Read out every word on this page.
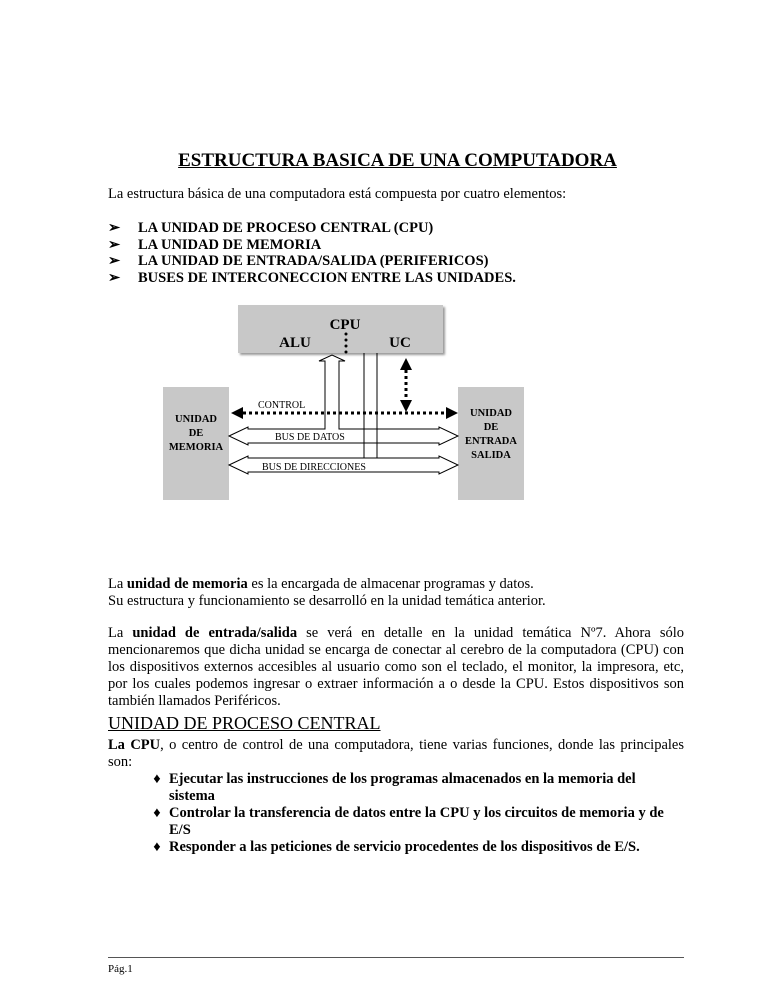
ESTRUCTURA BASICA DE UNA COMPUTADORA
La estructura básica de una computadora está compuesta por cuatro elementos:
➢	LA UNIDAD DE PROCESO CENTRAL (CPU)
➢	LA UNIDAD DE MEMORIA
➢	LA UNIDAD DE ENTRADA/SALIDA (PERIFERICOS)
➢	BUSES DE INTERCONECCION ENTRE LAS UNIDADES.
CPU
ALU	UC
UNIDAD
DE
MEMORIA
UNIDAD
DE
ENTRADA
SALIDA
BUS DE DATOS
BUS DE DIRECCIONES
CONTROL
La unidad de memoria es la encargada de almacenar programas y datos.
Su estructura y funcionamiento se desarrolló en la unidad temática anterior.
La unidad de entrada/salida se verá en detalle en la unidad temática Nº7. Ahora sólo mencionaremos que dicha unidad se encarga de conectar al cerebro de la computadora (CPU) con los dispositivos externos accesibles al usuario como son el teclado, el monitor, la impresora, etc, por los cuales podemos ingresar o extraer información a o desde la CPU. Estos dispositivos son también llamados Periféricos.
UNIDAD DE PROCESO CENTRAL
La CPU, o centro de control de una computadora, tiene varias funciones, donde las principales son:
♦ Ejecutar las instrucciones de los programas almacenados en la memoria del sistema
♦ Controlar la transferencia de datos entre la CPU y los circuitos de memoria y de E/S
♦ Responder a las peticiones de servicio procedentes de los dispositivos de E/S.
Pág.1
